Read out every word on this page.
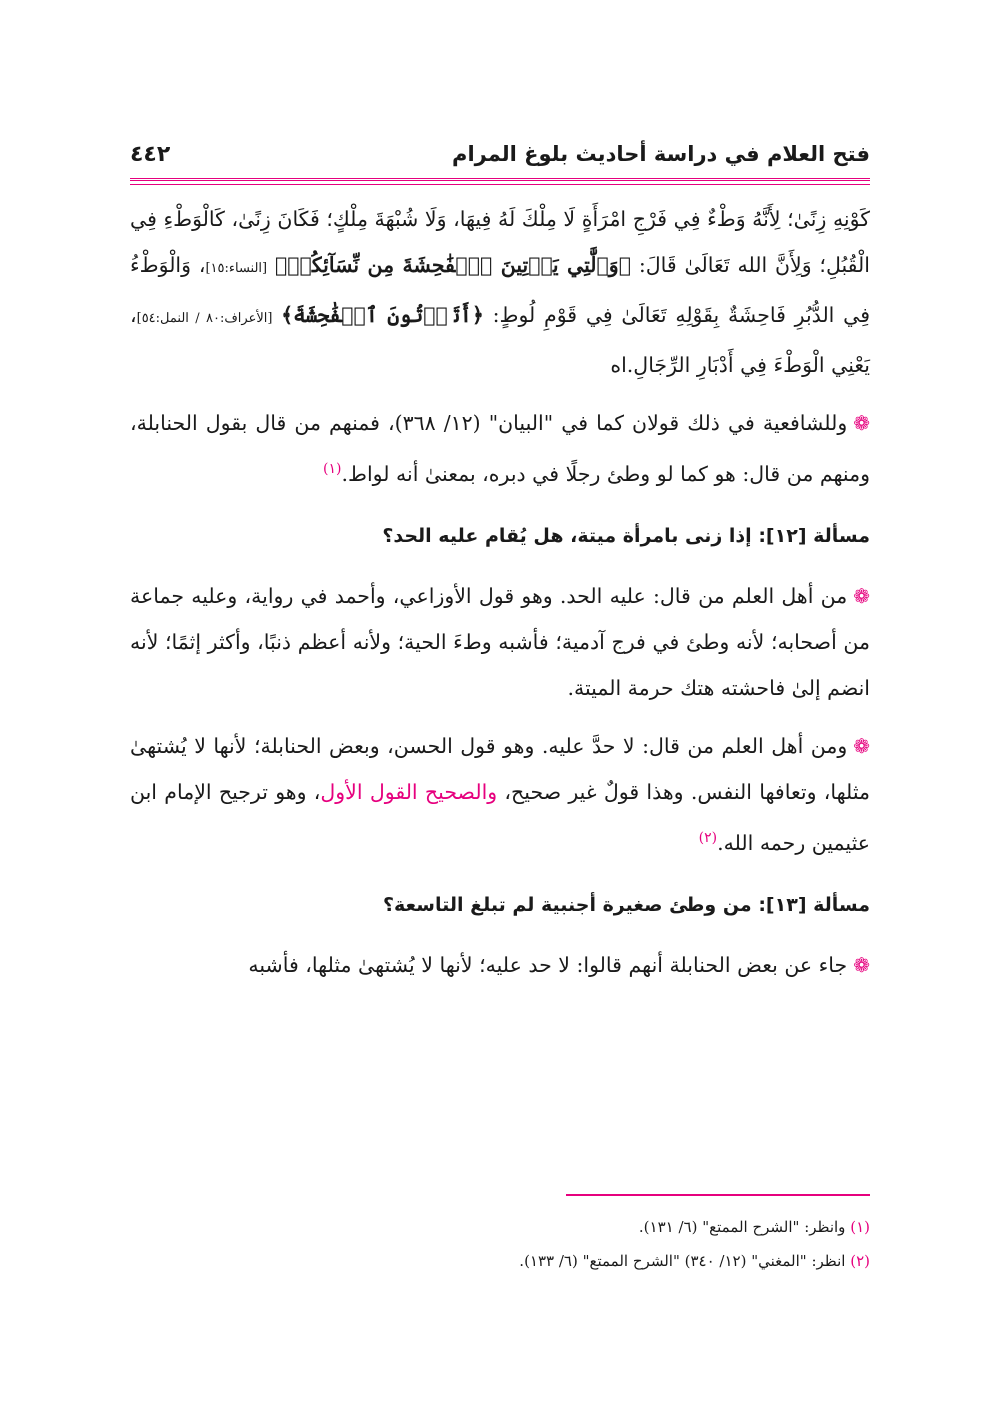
فتح العلام في دراسة أحاديث بلوغ المرام
٤٤٢

كَوْنِهِ زِنًىٰ؛ لِأَنَّهُ وَطْءٌ فِي فَرْجِ امْرَأَةٍ لَا مِلْكَ لَهُ فِيهَا، وَلَا شُبْهَةَ مِلْكٍ؛ فَكَانَ زِنًىٰ، كَالْوَطْءِ فِي الْقُبُلِ؛ وَلِأَنَّ الله تَعَالَىٰ قَالَ: ﴿وَٱلَّٰتِي يَأۡتِينَ ٱلۡفَٰحِشَةَ مِن نِّسَآئِكُمۡ﴾ [النساء:١٥]، وَالْوَطْءُ فِي الدُّبُرِ فَاحِشَةٌ بِقَوْلِهِ تَعَالَىٰ فِي قَوْمِ لُوطٍ: ﴿أَتَأۡتُونَ ٱلۡفَٰحِشَةَ﴾ [الأعراف:٨٠ / النمل:٥٤]، يَعْنِي الْوَطْءَ فِي أَدْبَارِ الرِّجَالِ.اه

❁وللشافعية في ذلك قولان كما في "البيان" (١٢/ ٣٦٨)، فمنهم من قال بقول الحنابلة، ومنهم من قال: هو كما لو وطئ رجلًا في دبره، بمعنىٰ أنه لواط.$^{(١)}$

مسألة [١٢]: إذا زنى بامرأة ميتة، هل يُقام عليه الحد؟

❁من أهل العلم من قال: عليه الحد. وهو قول الأوزاعي، وأحمد في رواية، وعليه جماعة من أصحابه؛ لأنه وطئ في فرج آدمية؛ فأشبه وطءَ الحية؛ ولأنه أعظم ذنبًا، وأكثر إثمًا؛ لأنه انضم إلىٰ فاحشته هتك حرمة الميتة.

❁ومن أهل العلم من قال: لا حدَّ عليه. وهو قول الحسن، وبعض الحنابلة؛ لأنها لا يُشتهىٰ مثلها، وتعافها النفس. وهذا قولٌ غير صحيح، والصحيح القول الأول، وهو ترجيح الإمام ابن عثيمين رحمه الله.$^{(٢)}$

مسألة [١٣]: من وطئ صغيرة أجنبية لم تبلغ التاسعة؟

❁جاء عن بعض الحنابلة أنهم قالوا: لا حد عليه؛ لأنها لا يُشتهىٰ مثلها، فأشبه

(١) وانظر: "الشرح الممتع" (٦/ ١٣١).
(٢) انظر: "المغني" (١٢/ ٣٤٠) "الشرح الممتع" (٦/ ١٣٣).
